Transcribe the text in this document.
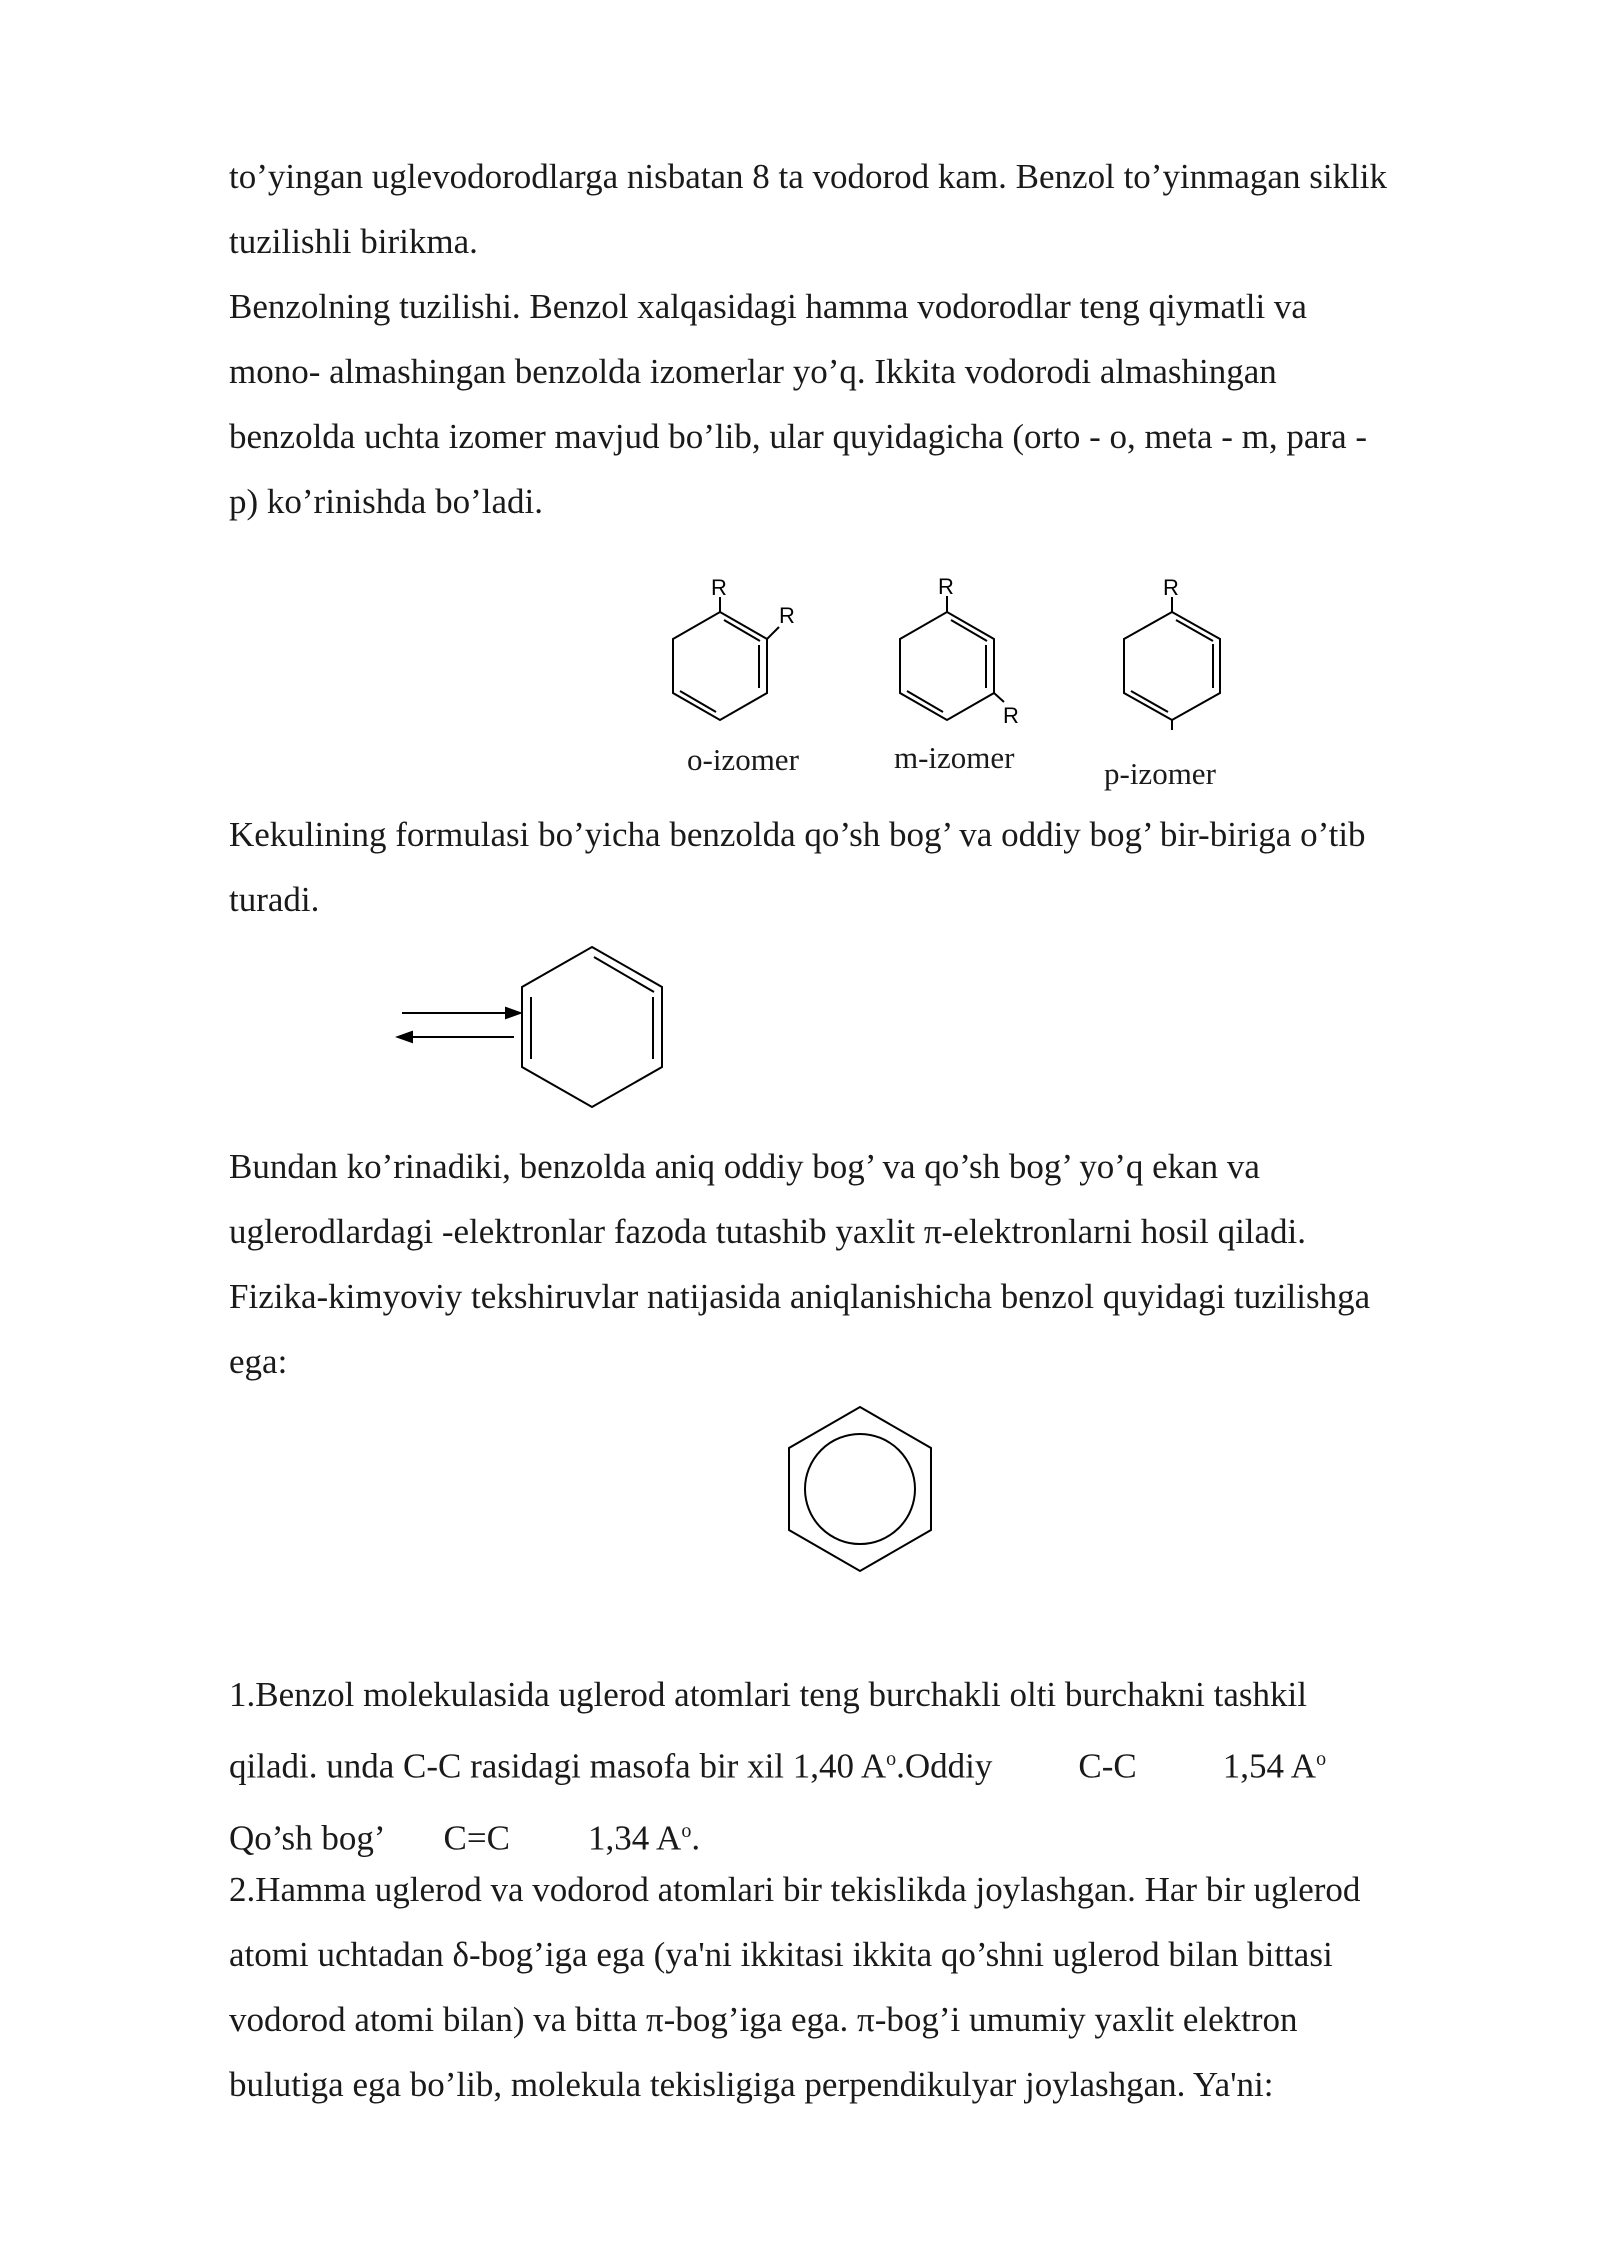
to’yingan uglevodorodlarga nisbatan 8 ta vodorod kam. Benzol to’yinmagan siklik

tuzilishli birikma.

Benzolning tuzilishi. Benzol xalqasidagi hamma vodorodlar teng qiymatli va

mono- almashingan benzolda izomerlar yo’q. Ikkita vodorodi almashingan

benzolda uchta izomer mavjud bo’lib, ular quyidagicha (orto - o, meta - m, para -

p) ko’rinishda bo’ladi.

R
R
o-izomer
R
R
m-izomer
R
p-izomer

Kekulining formulasi bo’yicha benzolda qo’sh bog’ va oddiy bog’ bir-biriga o’tib

turadi.

Bundan ko’rinadiki, benzolda aniq oddiy bog’ va qo’sh bog’ yo’q ekan va

uglerodlardagi -elektronlar fazoda tutashib yaxlit π-elektronlarni hosil qiladi.

Fizika-kimyoviy tekshiruvlar natijasida aniqlanishicha benzol quyidagi tuzilishga

ega:

1.Benzol molekulasida uglerod atomlari teng burchakli olti burchakni tashkil

qiladi. unda C-C rasidagi masofa bir xil 1,40 $A^o.Oddiy$ C-C 1,54 $A^o$

Qo’sh bog’ C=C 1,34 $A^o$.

2.Hamma uglerod va vodorod atomlari bir tekislikda joylashgan. Har bir uglerod

atomi uchtadan δ-bog’iga ega (ya'ni ikkitasi ikkita qo’shni uglerod bilan bittasi

vodorod atomi bilan) va bitta π-bog’iga ega. π-bog’i umumiy yaxlit elektron

bulutiga ega bo’lib, molekula tekisligiga perpendikulyar joylashgan. Ya'ni:
